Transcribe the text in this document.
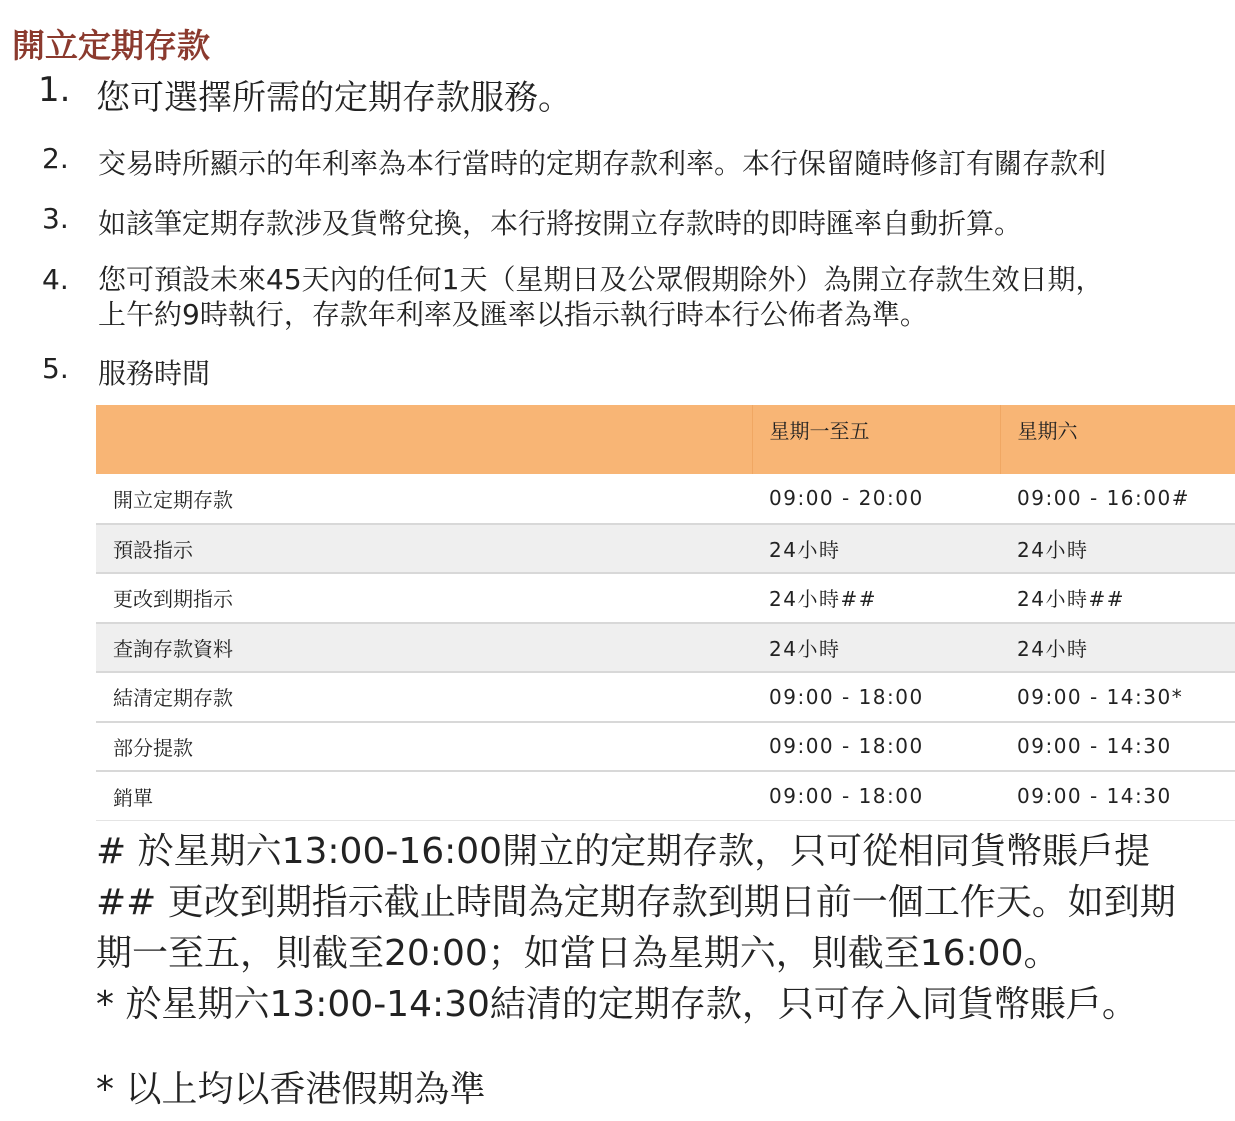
開立定期存款
1. 您可選擇所需的定期存款服務。
2. 交易時所顯示的年利率為本行當時的定期存款利率。本行保留隨時修訂有關存款利
3. 如該筆定期存款涉及貨幣兌換，本行將按開立存款時的即時匯率自動折算。
4. 您可預設未來45天內的任何1天（星期日及公眾假期除外）為開立存款生效日期，
上午約9時執行，存款年利率及匯率以指示執行時本行公佈者為準。
5. 服務時間
	星期一至五	星期六
開立定期存款	09:00 - 20:00	09:00 - 16:00#
預設指示	24小時	24小時
更改到期指示	24小時##	24小時##
查詢存款資料	24小時	24小時
結清定期存款	09:00 - 18:00	09:00 - 14:30*
部分提款	09:00 - 18:00	09:00 - 14:30
銷單	09:00 - 18:00	09:00 - 14:30

# 於星期六13:00-16:00開立的定期存款，只可從相同貨幣賬戶提

## 更改到期指示截止時間為定期存款到期日前一個工作天。如到期

期一至五，則截至20:00；如當日為星期六，則截至16:00。

* 於星期六13:00-14:30結清的定期存款，只可存入同貨幣賬戶。

* 以上均以香港假期為準
